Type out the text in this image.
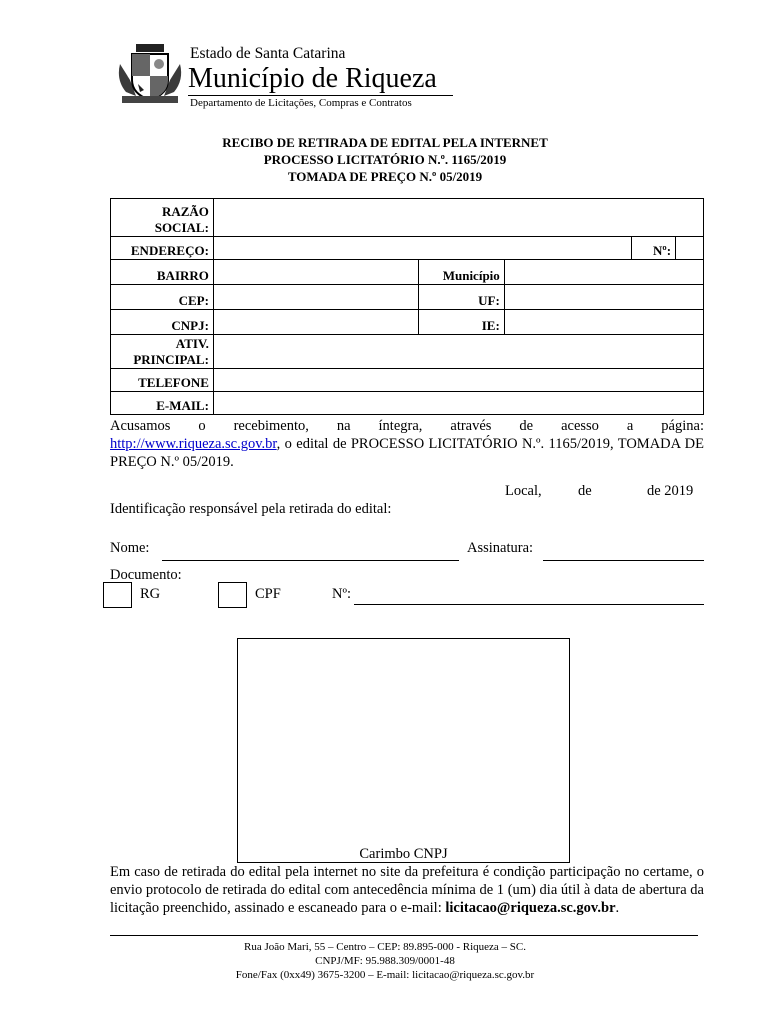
Estado de Santa Catarina
Município de Riqueza
Departamento de Licitações, Compras e Contratos
RECIBO DE RETIRADA DE EDITAL PELA INTERNET
PROCESSO LICITATÓRIO N.º. 1165/2019
TOMADA DE PREÇO N.º 05/2019
RAZÃO
SOCIAL:					

ENDEREÇO:				Nº:	
BAIRRO		Município			
CEP:		UF:			
CNPJ:		IE:			

ATIV.
PRINCIPAL:					

TELEFONE					
E-MAIL:					
Acusamos o recebimento, na íntegra, através de acesso a página:
http://www.riqueza.sc.gov.br, o edital de PROCESSO LICITATÓRIO N.º. 1165/2019, TOMADA DE PREÇO N.º 05/2019.
Local,	de	de 2019
Identificação responsável pela retirada do edital:
Nome:	Assinatura:
Documento:
RG	CPF	Nº:
Carimbo CNPJ
Em caso de retirada do edital pela internet no site da prefeitura é condição participação no certame, o envio protocolo de retirada do edital com antecedência mínima de 1 (um) dia útil à data de abertura da licitação preenchido, assinado e escaneado para o e-mail: licitacao@riqueza.sc.gov.br.
Rua João Mari, 55 – Centro – CEP: 89.895-000 - Riqueza – SC.
CNPJ/MF: 95.988.309/0001-48
Fone/Fax (0xx49) 3675-3200 – E-mail: licitacao@riqueza.sc.gov.br
